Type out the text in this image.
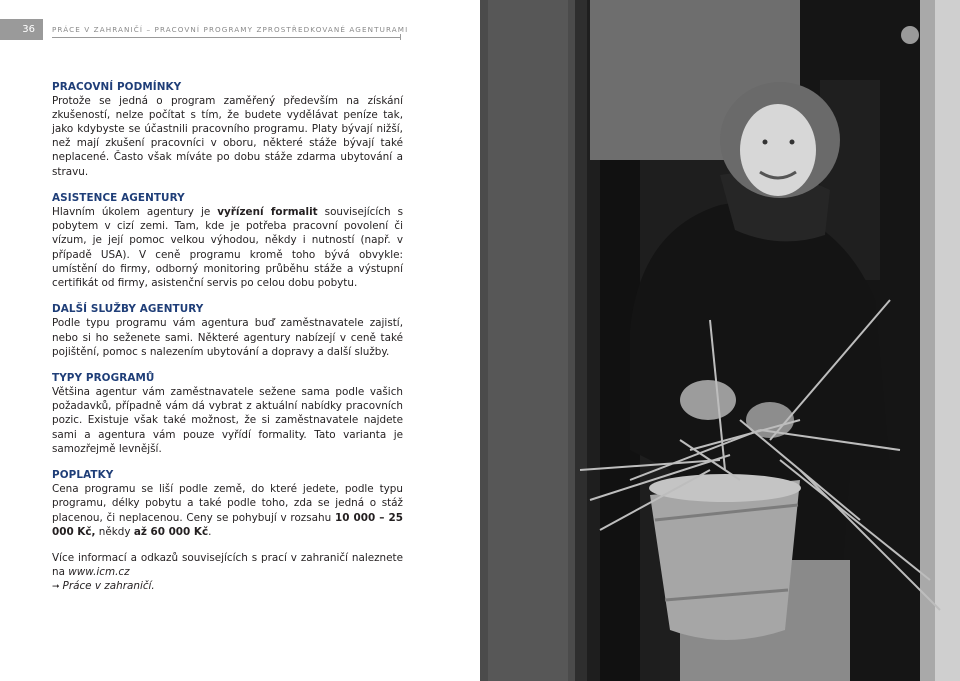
36	PRÁCE V ZAHRANIČÍ – PRACOVNÍ PROGRAMY ZPROSTŘEDKOVANÉ AGENTURAMI
PRACOVNÍ PODMÍNKY

Protože se jedná o program zaměřený především na získání zkušeností, nelze počítat s tím, že budete vydělávat peníze tak, jako kdybyste se účastnili pracovního programu. Platy bývají nižší, než mají zkušení pracovníci v oboru, některé stáže bývají také neplacené. Často však míváte po dobu stáže zdarma ubytování a stravu.

ASISTENCE AGENTURY

Hlavním úkolem agentury je vyřízení formalit souvisejících s pobytem v cizí zemi. Tam, kde je potřeba pracovní povolení či vízum, je její pomoc velkou výhodou, někdy i nutností (např. v případě USA). V ceně programu kromě toho bývá obvykle: umístění do firmy, odborný monitoring průběhu stáže a výstupní certifikát od firmy, asistenční servis po celou dobu pobytu.

DALŠÍ SLUŽBY AGENTURY

Podle typu programu vám agentura buď zaměstnavatele zajistí, nebo si ho seženete sami. Některé agentury nabízejí v ceně také pojištění, pomoc s nalezením ubytování a dopravy a další služby.

TYPY PROGRAMŮ

Většina agentur vám zaměstnavatele sežene sama podle vašich požadavků, případně vám dá vybrat z aktuální nabídky pracovních pozic. Existuje však také možnost, že si zaměstnavatele najdete sami a agentura vám pouze vyřídí formality. Tato varianta je samozřejmě levnější.

POPLATKY

Cena programu se liší podle země, do které jedete, podle typu programu, délky pobytu a také podle toho, zda se jedná o stáž placenou, či neplacenou. Ceny se pohybují v rozsahu 10 000 – 25 000 Kč, někdy až 60 000 Kč.

Více informací a odkazů souvisejících s prací v zahraničí naleznete na www.icm.cz
➞ Práce v zahraničí.
